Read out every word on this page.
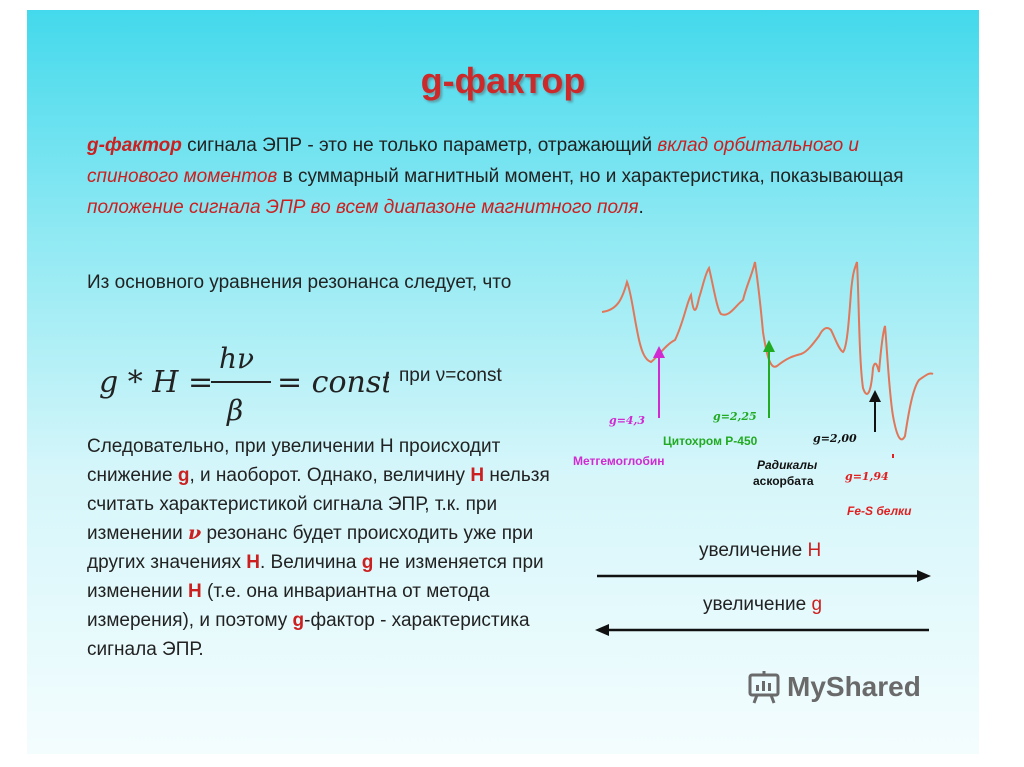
g-фактор
g-фактор сигнала ЭПР - это не только параметр, отражающий вклад орбитального и спинового моментов в суммарный магнитный момент, но и характеристика, показывающая положение сигнала ЭПР во всем диапазоне магнитного поля.
Из основного уравнения резонанса следует, что
g * H =
hν
β
= const при ν=const
Следовательно, при увеличении Н происходит снижение g, и наоборот. Однако, величину Н нельзя считать характеристикой сигнала ЭПР, т.к. при изменении ν резонанс будет происходить уже при других значениях Н. Величина g не изменяется при изменении Н (т.е. она инвариантна от метода измерения), и поэтому g-фактор - характеристика сигнала ЭПР.
g=4,3
Метгемоглобин
g=2,25
Цитохром Р-450	g=2,00
Радикалы
аскорбата	g=1,94
Fe-S белки
увеличение Н
увеличение g
MyShared
